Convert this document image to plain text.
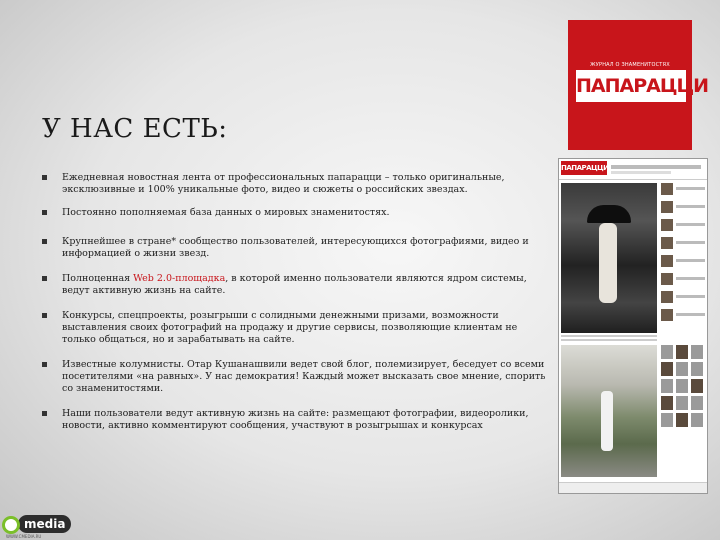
ЖУРНАЛ О ЗНАМЕНИТОСТЯХ
ПАПАРАЦЦИ
У НАС ЕСТЬ:
Ежедневная новостная лента от профессиональных папарацци – только оригинальные, эксклюзивные и 100% уникальные фото, видео и сюжеты о российских звездах.
Постоянно пополняемая база данных о мировых знаменитостях.
Крупнейшее в стране* сообщество пользователей, интересующихся фотографиями, видео и информацией о жизни звезд.
Полноценная Web 2.0-площадка, в которой именно пользователи являются ядром системы, ведут активную жизнь на сайте.
Конкурсы, спецпроекты, розыгрыши с солидными денежными призами, возможности выставления своих фотографий на продажу и другие сервисы, позволяющие клиентам не только общаться, но и зарабатывать на сайте.
Известные колумнисты. Отар Кушанашвили ведет свой блог, полемизирует, беседует со всеми посетителями «на равных». У нас демократия! Каждый может высказать свое мнение, спорить со знаменитостями.
Наши пользователи ведут активную жизнь на сайте: размещают фотографии, видеоролики, новости, активно комментируют сообщения, участвуют в розыгрышах и конкурсах
ПАПАРАЦЦИ
media
WWW.CMEDIA.RU
